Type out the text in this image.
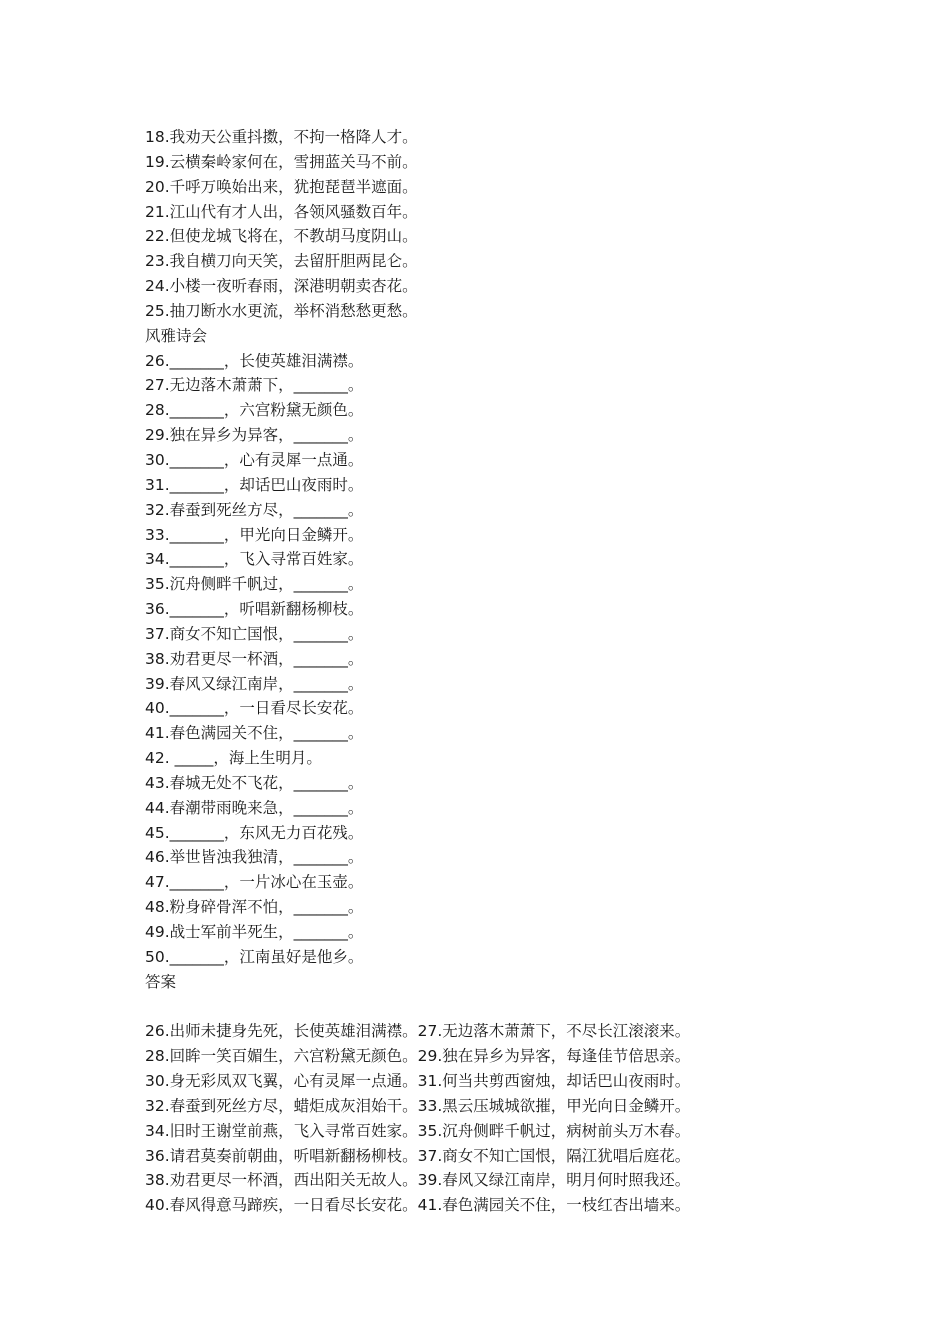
18.我劝天公重抖擞，不拘一格降人才。
19.云横秦岭家何在，雪拥蓝关马不前。
20.千呼万唤始出来，犹抱琵琶半遮面。
21.江山代有才人出，各领风骚数百年。
22.但使龙城飞将在，不教胡马度阴山。
23.我自横刀向天笑，去留肝胆两昆仑。
24.小楼一夜听春雨，深港明朝卖杏花。
25.抽刀断水水更流，举杯消愁愁更愁。
风雅诗会
26._______，长使英雄泪满襟。
27.无边落木萧萧下，_______。
28._______，六宫粉黛无颜色。
29.独在异乡为异客，_______。
30._______，心有灵犀一点通。
31._______，却话巴山夜雨时。
32.春蚕到死丝方尽，_______。
33._______，甲光向日金鳞开。
34._______，飞入寻常百姓家。
35.沉舟侧畔千帆过，_______。
36._______，听唱新翻杨柳枝。
37.商女不知亡国恨，_______。
38.劝君更尽一杯酒，_______。
39.春风又绿江南岸，_______。
40._______，一日看尽长安花。
41.春色满园关不住，_______。
42. _____，海上生明月。
43.春城无处不飞花，_______。
44.春潮带雨晚来急，_______。
45._______，东风无力百花残。
46.举世皆浊我独清，_______。
47._______，一片冰心在玉壶。
48.粉身碎骨浑不怕，_______。
49.战士军前半死生，_______。
50._______，江南虽好是他乡。
答案
26.出师未捷身先死，长使英雄泪满襟。27.无边落木萧萧下，不尽长江滚滚来。
28.回眸一笑百媚生，六宫粉黛无颜色。29.独在异乡为异客，每逢佳节倍思亲。
30.身无彩凤双飞翼，心有灵犀一点通。31.何当共剪西窗烛，却话巴山夜雨时。
32.春蚕到死丝方尽，蜡炬成灰泪始干。33.黑云压城城欲摧，甲光向日金鳞开。
34.旧时王谢堂前燕，飞入寻常百姓家。35.沉舟侧畔千帆过，病树前头万木春。
36.请君莫奏前朝曲，听唱新翻杨柳枝。37.商女不知亡国恨，隔江犹唱后庭花。
38.劝君更尽一杯酒，西出阳关无故人。39.春风又绿江南岸，明月何时照我还。
40.春风得意马蹄疾，一日看尽长安花。41.春色满园关不住，一枝红杏出墙来。
